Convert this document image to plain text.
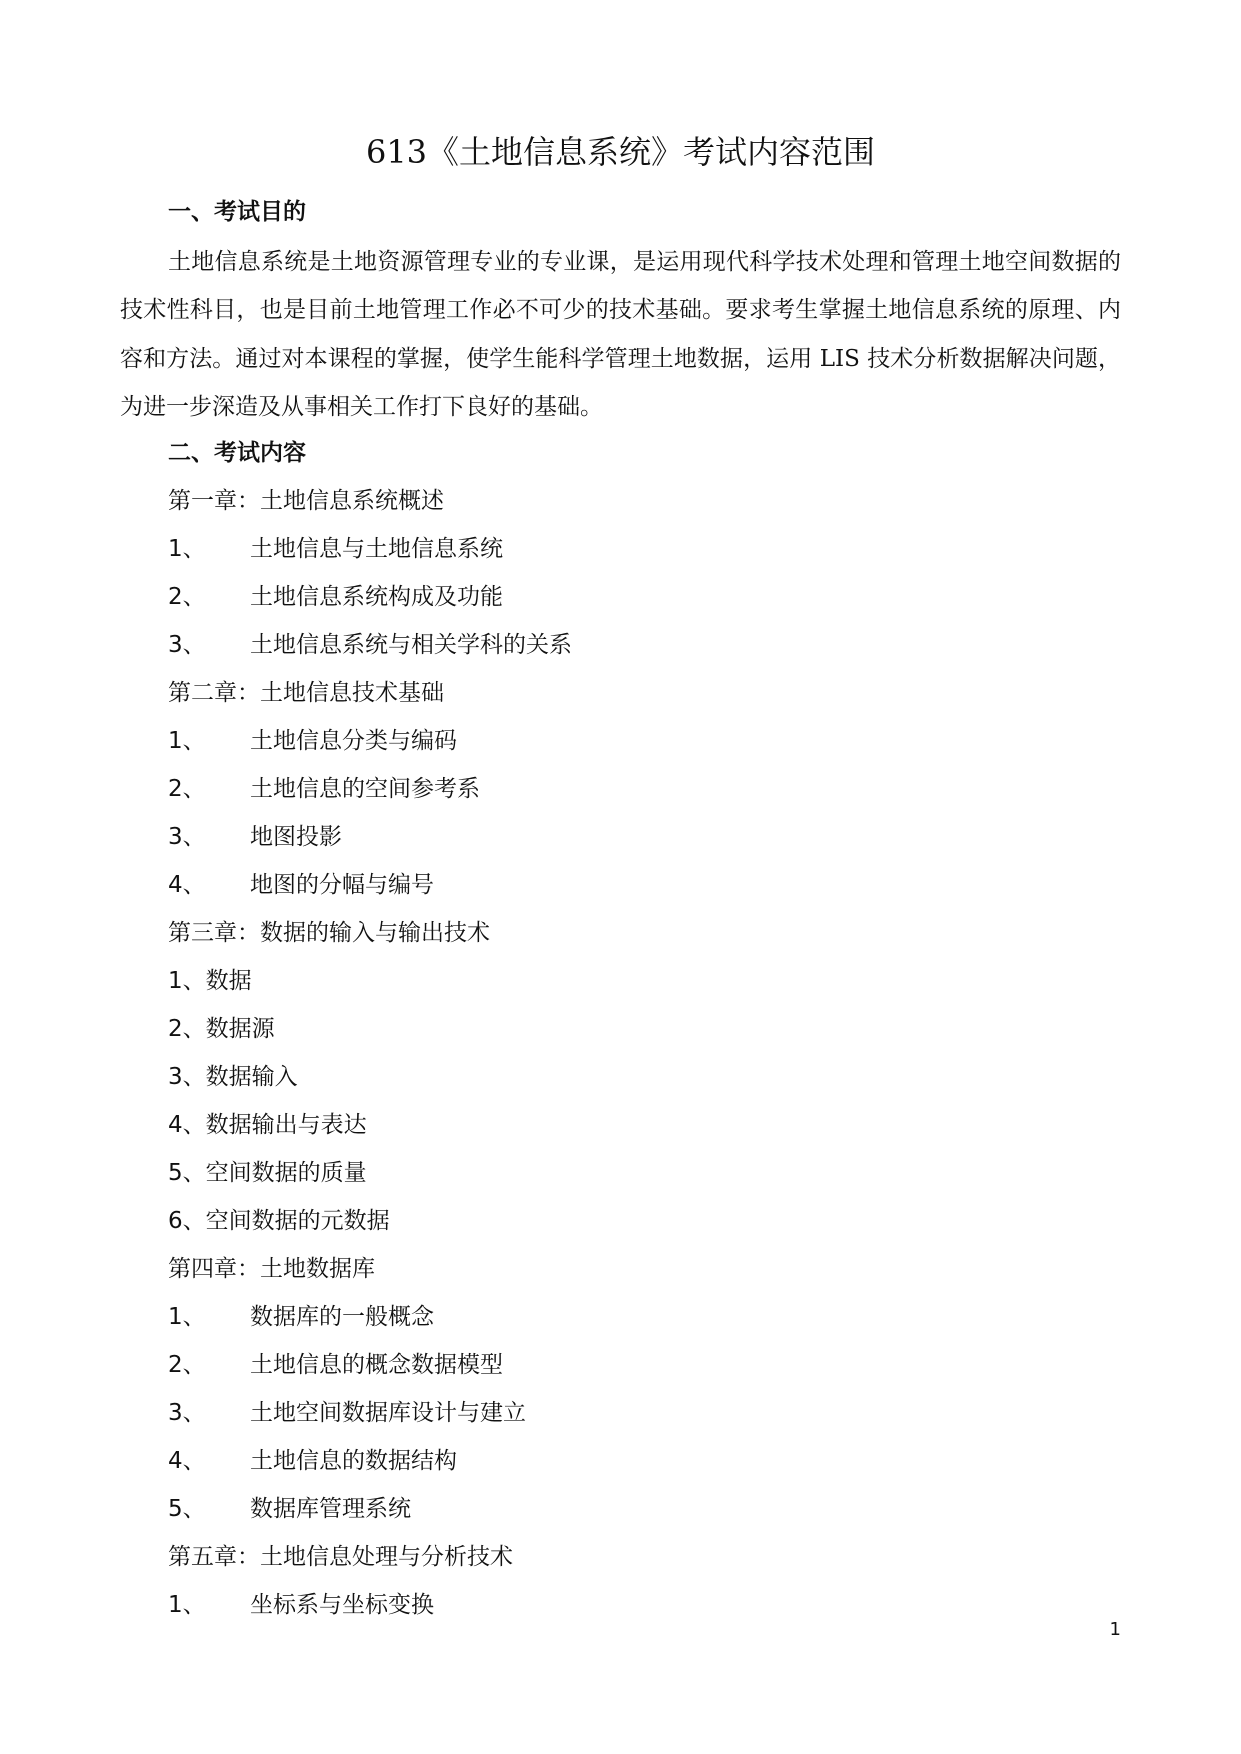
613《土地信息系统》考试内容范围
一、考试目的

土地信息系统是土地资源管理专业的专业课，是运用现代科学技术处理和管理土地空间数据的技术性科目，也是目前土地管理工作必不可少的技术基础。要求考生掌握土地信息系统的原理、内容和方法。通过对本课程的掌握，使学生能科学管理土地数据，运用 LIS 技术分析数据解决问题，为进一步深造及从事相关工作打下良好的基础。

二、考试内容
第一章：土地信息系统概述
1、 土地信息与土地信息系统
2、 土地信息系统构成及功能
3、 土地信息系统与相关学科的关系
第二章：土地信息技术基础
1、 土地信息分类与编码
2、 土地信息的空间参考系
3、 地图投影
4、 地图的分幅与编号
第三章：数据的输入与输出技术
1、数据
2、数据源
3、数据输入
4、数据输出与表达
5、空间数据的质量
6、空间数据的元数据
第四章：土地数据库
1、 数据库的一般概念
2、 土地信息的概念数据模型
3、 土地空间数据库设计与建立
4、 土地信息的数据结构
5、 数据库管理系统
第五章：土地信息处理与分析技术
1、 坐标系与坐标变换
1
